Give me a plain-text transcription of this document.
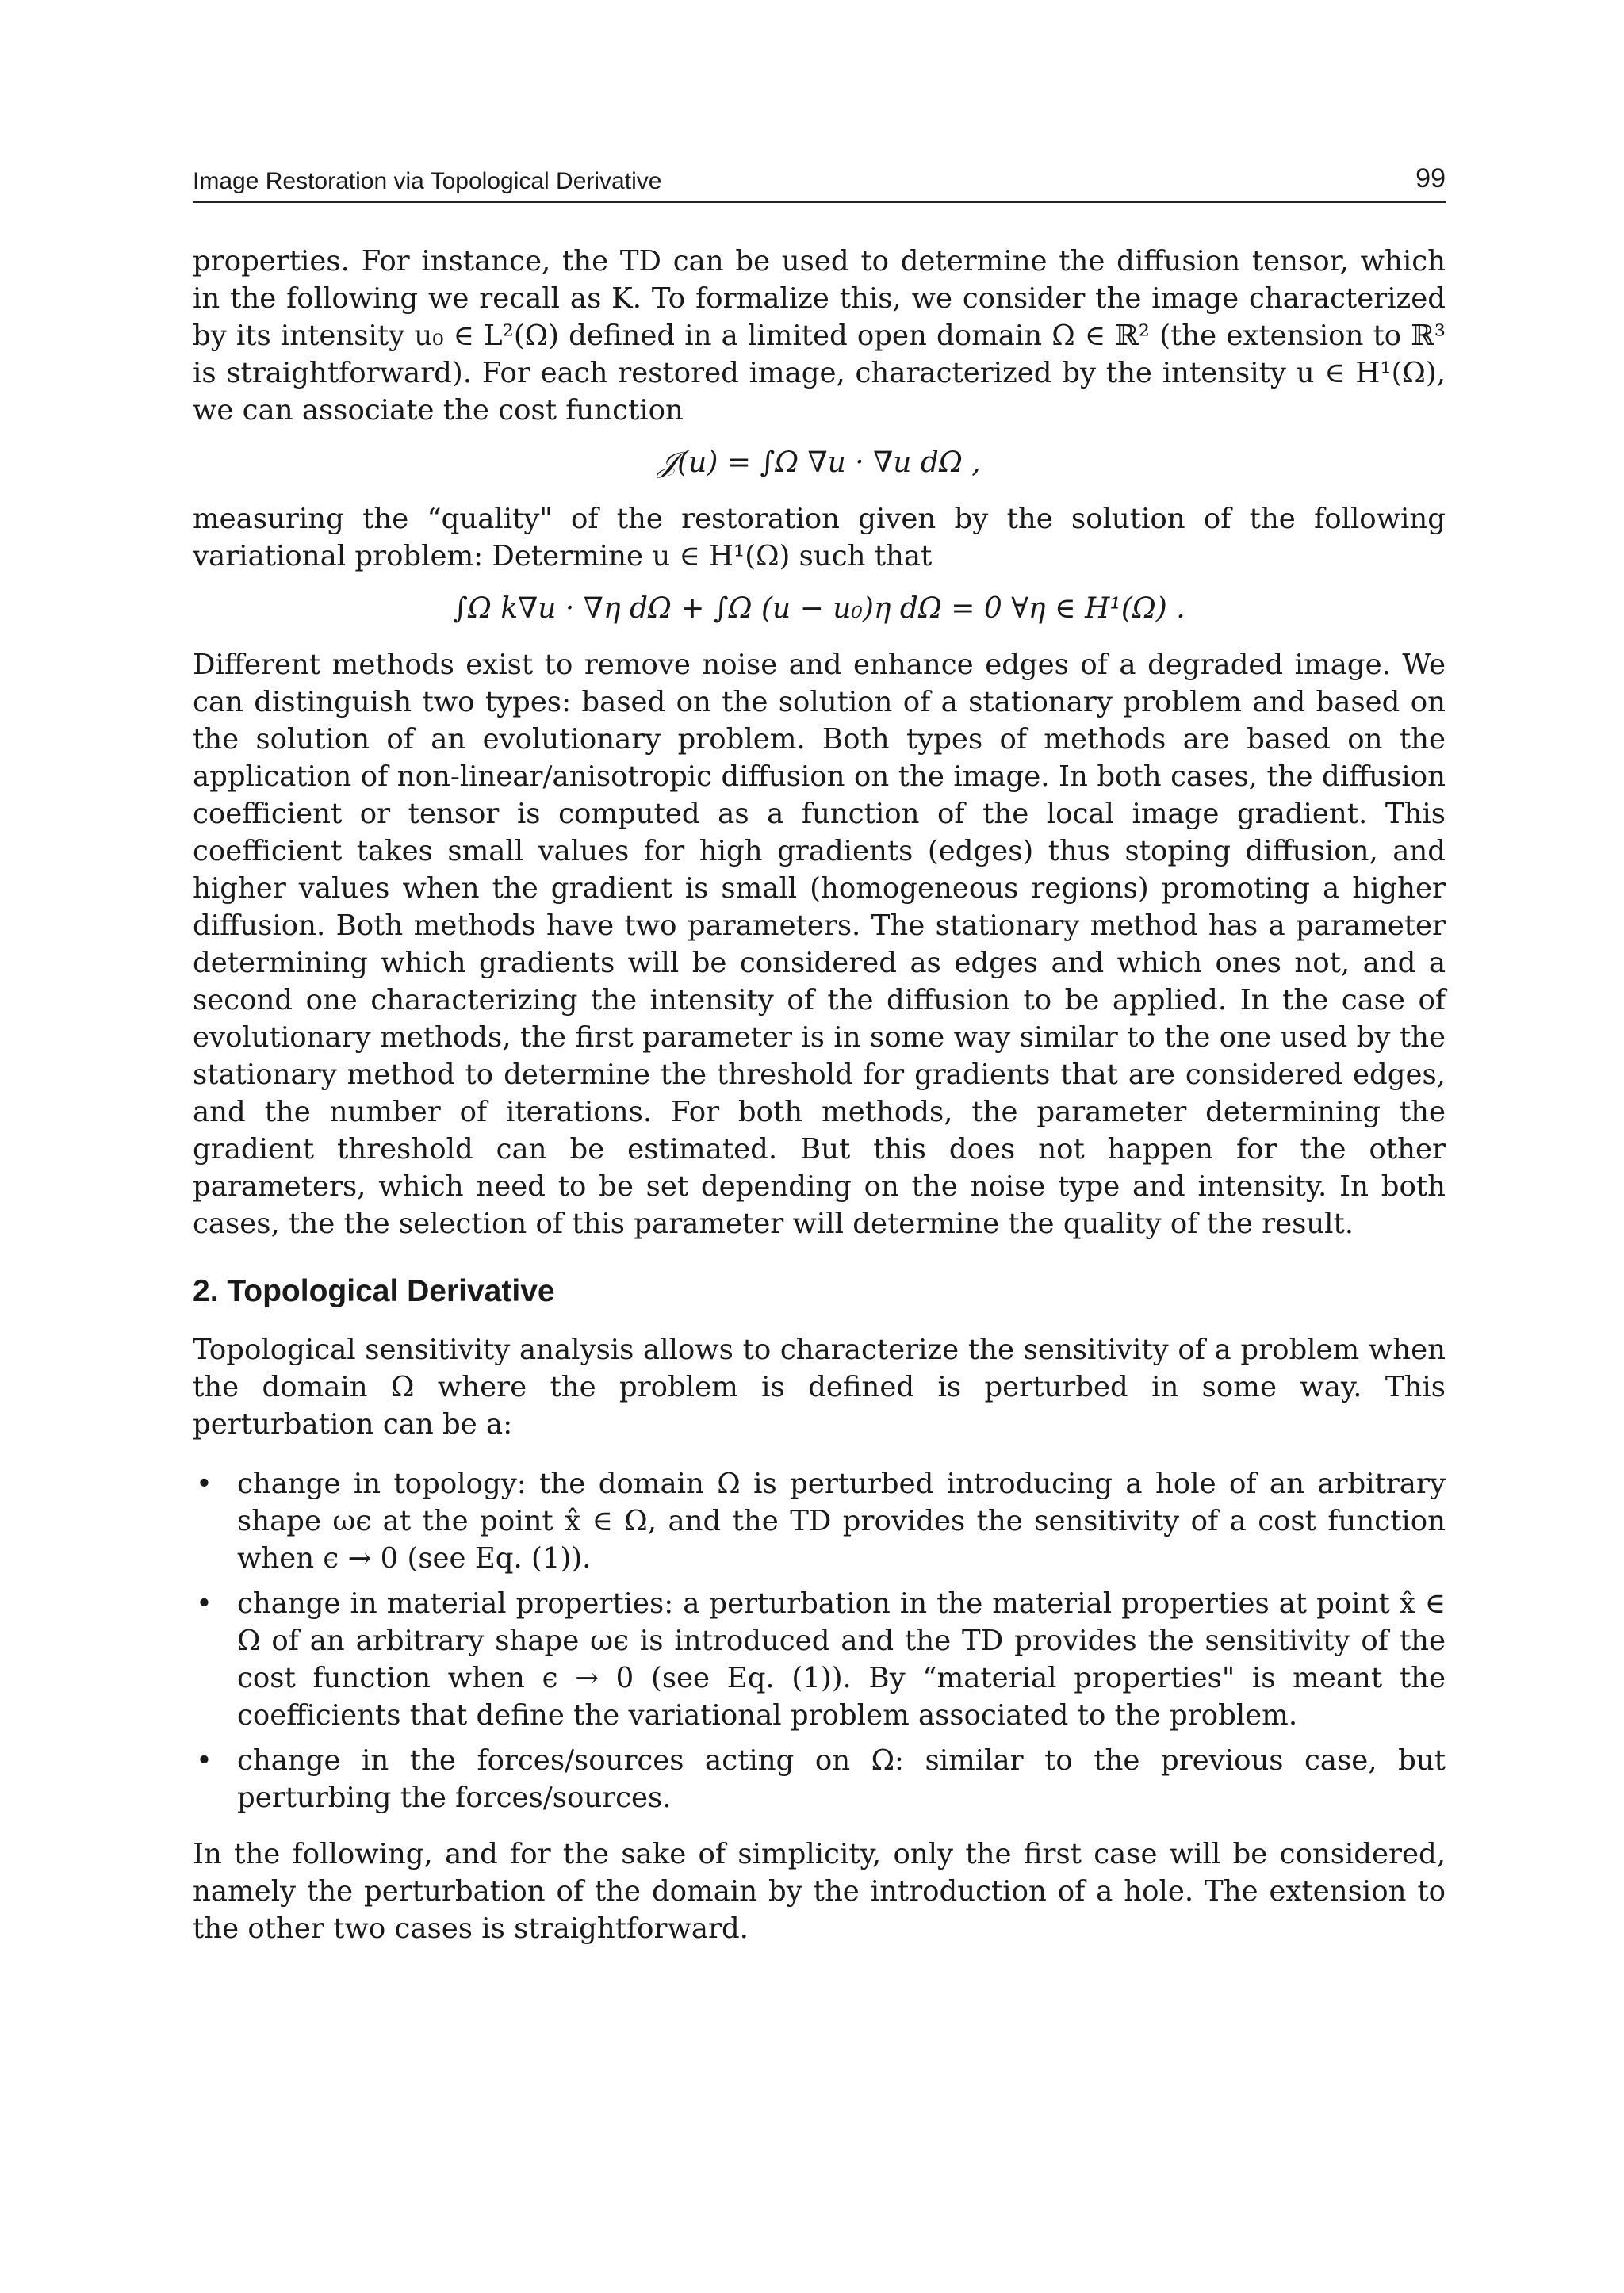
Image Restoration via Topological Derivative	99

properties. For instance, the TD can be used to determine the diffusion tensor, which in the following we recall as K. To formalize this, we consider the image characterized by its intensity u₀ ∈ L²(Ω) defined in a limited open domain Ω ∈ ℝ² (the extension to ℝ³ is straightforward). For each restored image, characterized by the intensity u ∈ H¹(Ω), we can associate the cost function

𝒥(u) = ∫Ω ∇u · ∇u dΩ ,

measuring the “quality" of the restoration given by the solution of the following variational problem: Determine u ∈ H¹(Ω) such that

∫Ω k∇u · ∇η dΩ + ∫Ω (u − u₀)η dΩ = 0 ∀η ∈ H¹(Ω) .

Different methods exist to remove noise and enhance edges of a degraded image. We can distinguish two types: based on the solution of a stationary problem and based on the solution of an evolutionary problem. Both types of methods are based on the application of non-linear/anisotropic diffusion on the image. In both cases, the diffusion coefficient or tensor is computed as a function of the local image gradient. This coefficient takes small values for high gradients (edges) thus stoping diffusion, and higher values when the gradient is small (homogeneous regions) promoting a higher diffusion. Both methods have two parameters. The stationary method has a parameter determining which gradients will be considered as edges and which ones not, and a second one characterizing the intensity of the diffusion to be applied. In the case of evolutionary methods, the first parameter is in some way similar to the one used by the stationary method to determine the threshold for gradients that are considered edges, and the number of iterations. For both methods, the parameter determining the gradient threshold can be estimated. But this does not happen for the other parameters, which need to be set depending on the noise type and intensity. In both cases, the the selection of this parameter will determine the quality of the result.

2. Topological Derivative

Topological sensitivity analysis allows to characterize the sensitivity of a problem when the domain Ω where the problem is defined is perturbed in some way. This perturbation can be a:

• change in topology: the domain Ω is perturbed introducing a hole of an arbitrary shape ωϵ at the point x̂ ∈ Ω, and the TD provides the sensitivity of a cost function when ϵ → 0 (see Eq. (1)).
• change in material properties: a perturbation in the material properties at point x̂ ∈ Ω of an arbitrary shape ωϵ is introduced and the TD provides the sensitivity of the cost function when ϵ → 0 (see Eq. (1)). By “material properties" is meant the coefficients that define the variational problem associated to the problem.
• change in the forces/sources acting on Ω: similar to the previous case, but perturbing the forces/sources.

In the following, and for the sake of simplicity, only the first case will be considered, namely the perturbation of the domain by the introduction of a hole. The extension to the other two cases is straightforward.
